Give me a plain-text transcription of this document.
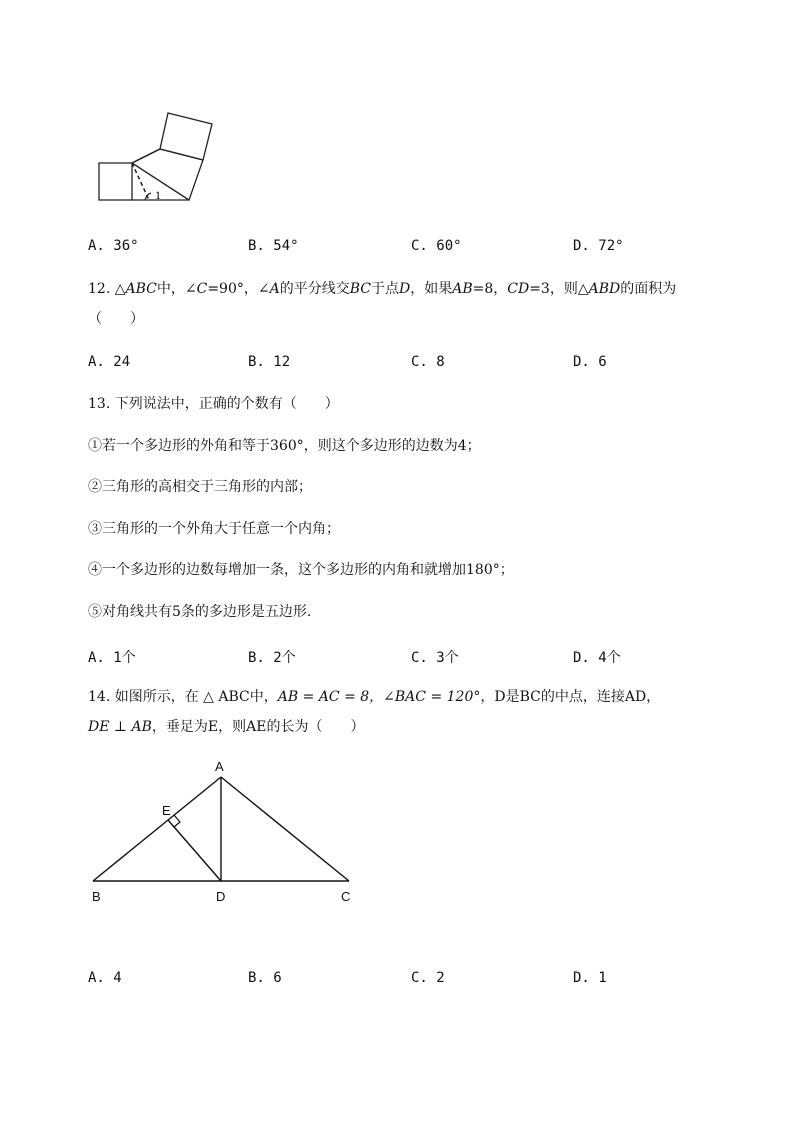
1
A. 36°	B. 54°	C. 60°	D. 72°
12. △ABC中，∠C=90°，∠A的平分线交BC于点D，如果AB=8，CD=3，则△ABD的面积为
（　　）
A. 24	B. 12	C. 8	D. 6
13. 下列说法中，正确的个数有（　　）
①若一个多边形的外角和等于360°，则这个多边形的边数为4；
②三角形的高相交于三角形的内部；
③三角形的一个外角大于任意一个内角；
④一个多边形的边数每增加一条，这个多边形的内角和就增加180°；
⑤对角线共有5条的多边形是五边形.
A. 1个	B. 2个	C. 3个	D. 4个
14. 如图所示，在 △ ABC中，AB = AC = 8，∠BAC = 120°，D是BC的中点，连接AD，
DE ⊥ AB，垂足为E，则AE的长为（　　）
A
B	C
D
E
A. 4	B. 6	C. 2	D. 1
